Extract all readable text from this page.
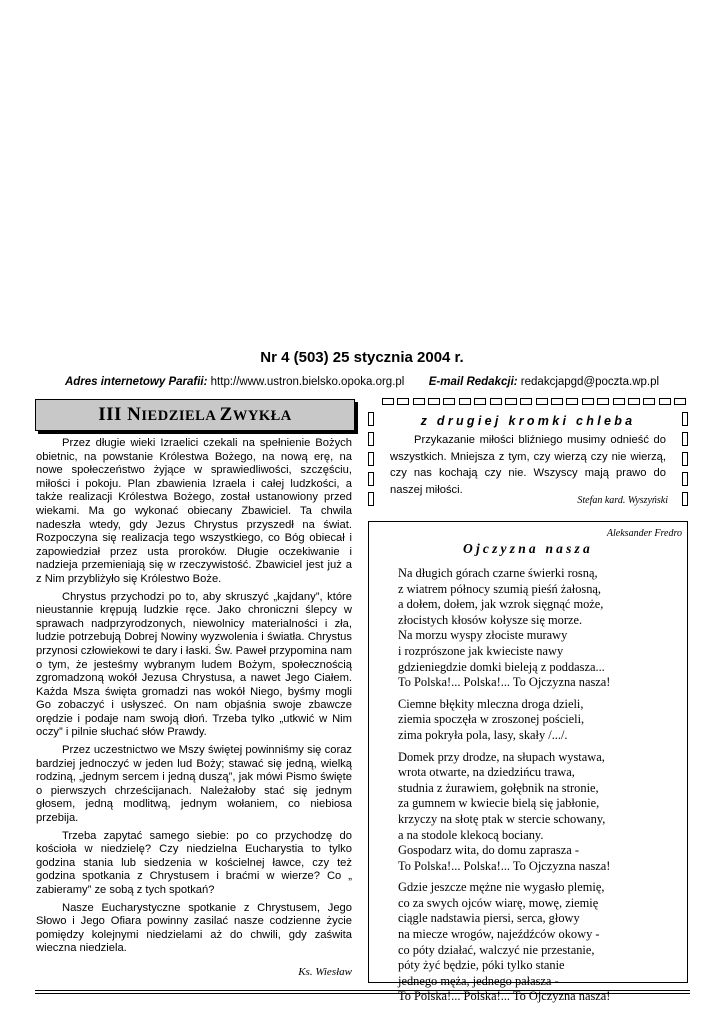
Nr 4 (503) 25 stycznia 2004 r.
Adres internetowy Parafii: http://www.ustron.bielsko.opoka.org.pl E-mail Redakcji: redakcjapgd@poczta.wp.pl
III NIEDZIELA ZWYKŁA

Przez długie wieki Izraelici czekali na spełnienie Bożych obietnic, na powstanie Królestwa Bożego, na nową erę, na nowe społeczeństwo żyjące w sprawiedliwości, szczęściu, miłości i pokoju. Plan zbawienia Izraela i całej ludzkości, a także realizacji Królestwa Bożego, został ustanowiony przed wiekami. Ma go wykonać obiecany Zbawiciel. Ta chwila nadeszła wtedy, gdy Jezus Chrystus przyszedł na świat. Rozpoczyna się realizacja tego wszystkiego, co Bóg obiecał i zapowiedział przez usta proroków. Długie oczekiwanie i nadzieja przemieniają się w rzeczywistość. Zbawiciel jest już a z Nim przybliżyło się Królestwo Boże.

Chrystus przychodzi po to, aby skruszyć „kajdany”, które nieustannie krępują ludzkie ręce. Jako chroniczni ślepcy w sprawach nadprzyrodzonych, niewolnicy materialności i zła, ludzie potrzebują Dobrej Nowiny wyzwolenia i światła. Chrystus przynosi człowiekowi te dary i łaski. Św. Paweł przypomina nam o tym, że jesteśmy wybranym ludem Bożym, społecznością zgromadzoną wokół Jezusa Chrystusa, a nawet Jego Ciałem. Każda Msza święta gromadzi nas wokół Niego, byśmy mogli Go zobaczyć i usłyszeć. On nam objaśnia swoje zbawcze orędzie i podaje nam swoją dłoń. Trzeba tylko „utkwić w Nim oczy” i pilnie słuchać słów Prawdy.

Przez uczestnictwo we Mszy świętej powinniśmy się coraz bardziej jednoczyć w jeden lud Boży; stawać się jedną, wielką rodziną, „jednym sercem i jedną duszą”, jak mówi Pismo święte o pierwszych chrześcijanach. Należałoby stać się jednym głosem, jedną modlitwą, jednym wołaniem, co niebiosa przebija.

Trzeba zapytać samego siebie: po co przychodzę do kościoła w niedzielę? Czy niedzielna Eucharystia to tylko godzina stania lub siedzenia w kościelnej ławce, czy też godzina spotkania z Chrystusem i braćmi w wierze? Co „ zabieramy” ze sobą z tych spotkań?

Nasze Eucharystyczne spotkanie z Chrystusem, Jego Słowo i Jego Ofiara powinny zasilać nasze codzienne życie pomiędzy kolejnymi niedzielami aż do chwili, gdy zaświta wieczna niedziela.

Ks. Wiesław
z drugiej kromki chleba

Przykazanie miłości bliźniego musimy odnieść do wszystkich. Mniejsza z tym, czy wierzą czy nie wierzą, czy nas kochają czy nie. Wszyscy mają prawo do naszej miłości.

Stefan kard. Wyszyński
Aleksander Fredro
Ojczyzna nasza
Na długich górach czarne świerki rosną,
z wiatrem północy szumią pieśń żałosną,
a dołem, dołem, jak wzrok sięgnąć może,
złocistych kłosów kołysze się morze.
Na morzu wyspy złociste murawy
i rozprószone jak kwieciste nawy
gdzieniegdzie domki bieleją z poddasza...
To Polska!... Polska!... To Ojczyzna nasza!
Ciemne błękity mleczna droga dzieli,
ziemia spoczęła w zroszonej pościeli,
zima pokryła pola, lasy, skały /.../.
Domek przy drodze, na słupach wystawa,
wrota otwarte, na dziedzińcu trawa,
studnia z żurawiem, gołębnik na stronie,
za gumnem w kwiecie bielą się jabłonie,
krzyczy na słotę ptak w stercie schowany,
a na stodole klekocą bociany.
Gospodarz wita, do domu zaprasza -
To Polska!... Polska!... To Ojczyzna nasza!
Gdzie jeszcze mężne nie wygasło plemię,
co za swych ojców wiarę, mowę, ziemię
ciągle nadstawia piersi, serca, głowy
na miecze wrogów, najeźdźców okowy -
co póty działać, walczyć nie przestanie,
póty żyć będzie, póki tylko stanie
jednego męża, jednego pałasza -
To Polska!... Polska!... To Ojczyzna nasza!
